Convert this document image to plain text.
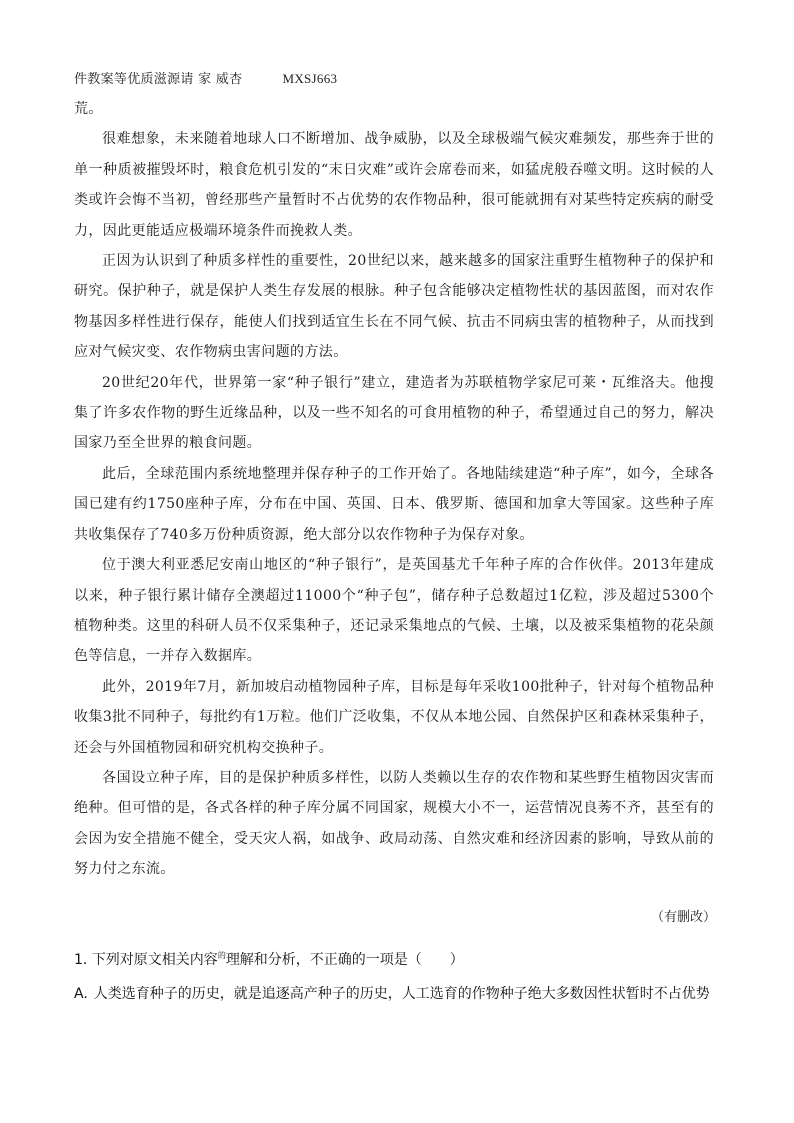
件教案等优质滋源请 家 威杏	MXSJ663

荒。

很难想象，未来随着地球人口不断增加、战争威胁，以及全球极端气候灾难频发，那些奔于世的单一种质被摧毁坏时，粮食危机引发的“末日灾难”或许会席卷而来，如猛虎般吞噬文明。这时候的人类或许会悔不当初，曾经那些产量暂时不占优势的农作物品种，很可能就拥有对某些特定疾病的耐受力，因此更能适应极端环境条件而挽救人类。

正因为认识到了种质多样性的重要性，20世纪以来，越来越多的国家注重野生植物种子的保护和研究。保护种子，就是保护人类生存发展的根脉。种子包含能够决定植物性状的基因蓝图，而对农作物基因多样性进行保存，能使人们找到适宜生长在不同气候、抗击不同病虫害的植物种子，从而找到应对气候灾变、农作物病虫害问题的方法。

20世纪20年代，世界第一家“种子银行”建立，建造者为苏联植物学家尼可莱・瓦维洛夫。他搜集了许多农作物的野生近缘品种，以及一些不知名的可食用植物的种子，希望通过自己的努力，解决国家乃至全世界的粮食问题。

此后，全球范围内系统地整理并保存种子的工作开始了。各地陆续建造“种子库”，如今，全球各国已建有约1750座种子库，分布在中国、英国、日本、俄罗斯、德国和加拿大等国家。这些种子库共收集保存了740多万份种质资源，绝大部分以农作物种子为保存对象。

位于澳大利亚悉尼安南山地区的“种子银行”，是英国基尤千年种子库的合作伙伴。2013年建成以来，种子银行累计储存全澳超过11000个“种子包”，储存种子总数超过1亿粒，涉及超过5300个植物种类。这里的科研人员不仅采集种子，还记录采集地点的气候、土壤，以及被采集植物的花朵颜色等信息，一并存入数据库。

此外，2019年7月，新加坡启动植物园种子库，目标是每年采收100批种子，针对每个植物品种收集3批不同种子，每批约有1万粒。他们广泛收集，不仅从本地公园、自然保护区和森林采集种子，还会与外国植物园和研究机构交换种子。

各国设立种子库，目的是保护种质多样性，以防人类赖以生存的农作物和某些野生植物因灾害而绝种。但可惜的是，各式各样的种子库分属不同国家，规模大小不一，运营情况良莠不齐，甚至有的会因为安全措施不健全，受天灾人祸，如战争、政局动荡、自然灾难和经济因素的影响，导致从前的努力付之东流。

（有删改）
1. 下列对原文相关内容$^的$理解和分析，不正确的一项是（　　）
A. 人类选育种子的历史，就是追逐高产种子的历史，人工选育的作物种子绝大多数因性状暂时不占优势
